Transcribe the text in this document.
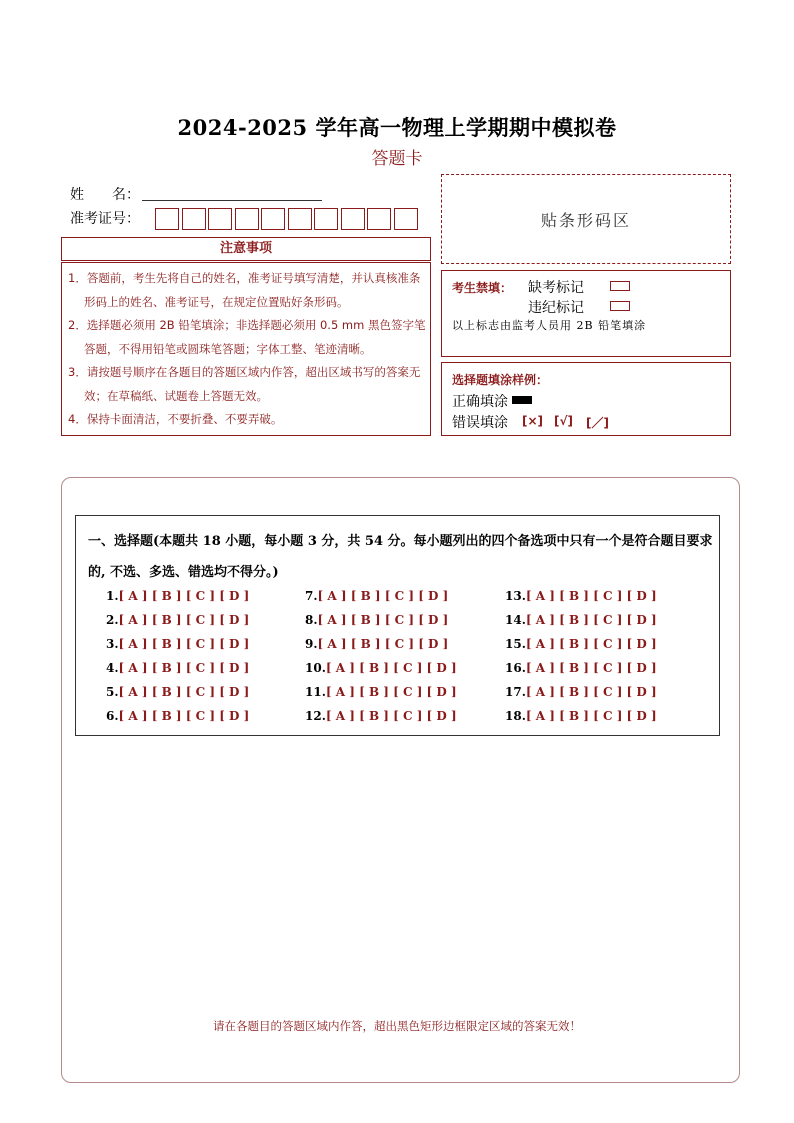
2024-2025 学年高一物理上学期期中模拟卷
答题卡
姓　　名：
准考证号：	贴条形码区
注意事项
1．答题前，考生先将自己的姓名，准考证号填写清楚，并认真核准条形码上的姓名、准考证号，在规定位置贴好条形码。
2．选择题必须用 2B 铅笔填涂；非选择题必须用 0.5 mm 黑色签字笔答题，不得用铅笔或圆珠笔答题；字体工整、笔迹清晰。
3．请按题号顺序在各题目的答题区域内作答，超出区域书写的答案无效；在草稿纸、试题卷上答题无效。
4．保持卡面清洁，不要折叠、不要弄破。
考生禁填： 缺考标记
违纪标记
以上标志由监考人员用 2B 铅笔填涂
选择题填涂样例：
正确填涂
错误填涂 [×] [√] [／]
一、选择题(本题共 18 小题，每小题 3 分，共 54 分。每小题列出的四个备选项中只有一个是符合题目要求的, 不选、多选、错选均不得分。)
1.[ A ] [ B ] [ C ] [ D ]
2.[ A ] [ B ] [ C ] [ D ]
3.[ A ] [ B ] [ C ] [ D ]
4.[ A ] [ B ] [ C ] [ D ]
5.[ A ] [ B ] [ C ] [ D ]
6.[ A ] [ B ] [ C ] [ D ]
7.[ A ] [ B ] [ C ] [ D ]
8.[ A ] [ B ] [ C ] [ D ]
9.[ A ] [ B ] [ C ] [ D ]
10.[ A ] [ B ] [ C ] [ D ]
11.[ A ] [ B ] [ C ] [ D ]
12.[ A ] [ B ] [ C ] [ D ]
13.[ A ] [ B ] [ C ] [ D ]
14.[ A ] [ B ] [ C ] [ D ]
15.[ A ] [ B ] [ C ] [ D ]
16.[ A ] [ B ] [ C ] [ D ]
17.[ A ] [ B ] [ C ] [ D ]
18.[ A ] [ B ] [ C ] [ D ]
请在各题目的答题区域内作答，超出黑色矩形边框限定区域的答案无效！
